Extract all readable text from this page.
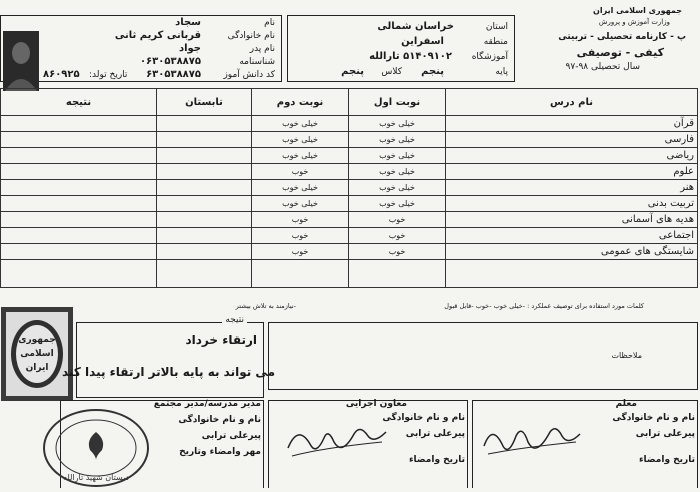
جمهوری اسلامی ایران
وزارت آموزش و پرورش
پ - کارنامه تحصیلی - تربیتی
کیفی - توصیفی
سال تحصیلی ۹۸-۹۷
استان
خراسان شمالی
منطقه
اسفراین
آموزشگاه
۵۱۴۰۹۱۰۲ تارالله
پایه
پنجم
کلاس
پنجم
نام
سجاد
نام خانوادگی
قربانی کریم ثانی
نام پدر
جواد
شناسنامه
۰۶۳۰۵۳۸۸۷۵
کد دانش آموز
۶۳۰۵۳۸۸۷۵
تاریخ تولد:
۸۶۰۹۲۵
نام درس	نوبت اول	نوبت دوم	تابستان	نتیجه
قرآن	خیلی خوب	خیلی خوب		
فارسی	خیلی خوب	خیلی خوب		
ریاضی	خیلی خوب	خیلی خوب		
علوم	خیلی خوب	خوب		
هنر	خیلی خوب	خیلی خوب		
تربیت بدنی	خیلی خوب	خیلی خوب		
هدیه های آسمانی	خوب	خوب		
اجتماعی	خوب	خوب		
شایستگی های عمومی	خوب	خوب		

کلمات مورد استفاده برای توصیف عملکرد : -خیلی خوب -خوب -قابل قبول
-نیازمند به تلاش بیشتر
جمهوری
اسلامی
ایران
نتیجه
ارتقاء خرداد
می تواند به پایه بالاتر ارتقاء پیدا کند
ملاحظات
مدیر مدرسه/مدیر مجتمع
نام و نام خانوادگی
پیرعلی ترابی
مهر وامضاء وتاریخ
دبستان شهید تارالله
معاون اجرایی
نام و نام خانوادگی
پیرعلی ترابی
تاریخ وامضاء
معلم
نام و نام خانوادگی
پیرعلی ترابی
تاریخ وامضاء
